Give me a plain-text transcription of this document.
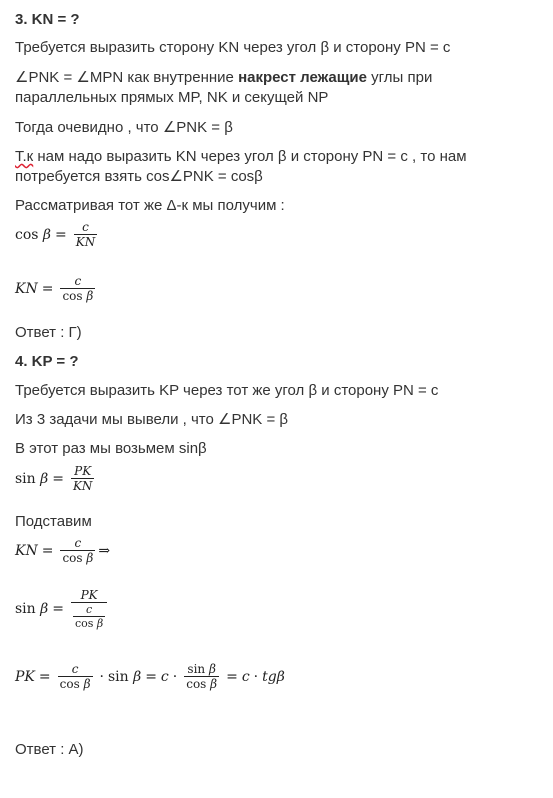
3. KN = ?
Требуется выразить сторону KN через угол β и сторону PN = c
∠PNK = ∠MPN как внутренние накрест лежащие углы при
параллельных прямых MP, NK и секущей NP
Тогда очевидно , что ∠PNK = β
Т.к нам надо выразить KN через угол β и сторону PN = c , то нам
потребуется взять cos∠PNK = cosβ
Рассматривая тот же Δ-к мы получим :
cos
$\beta = \frac{c}{KN}$
KN = $\frac{c}{\text{cos β}}$
Ответ : Г)
4. KP = ?
Требуется выразить KP через тот же угол β и сторону PN = c
Из 3 задачи мы вывели , что ∠PNK = β
В этот раз мы возьмем sinβ
sin
$\beta = \frac{PK}{KN}$
Подставим
KN = $\frac{c}{\text{cos β}}$ ⇒
sin
$\beta = \frac{PK}{\frac{c}{\text{cos β}}}$
PK = $\frac{c}{\text{cos β}} \cdot \sin$
$\beta = c \cdot \frac{\text{sin β}}{\text{cos β}} = c$ · tg β
Ответ : А)
